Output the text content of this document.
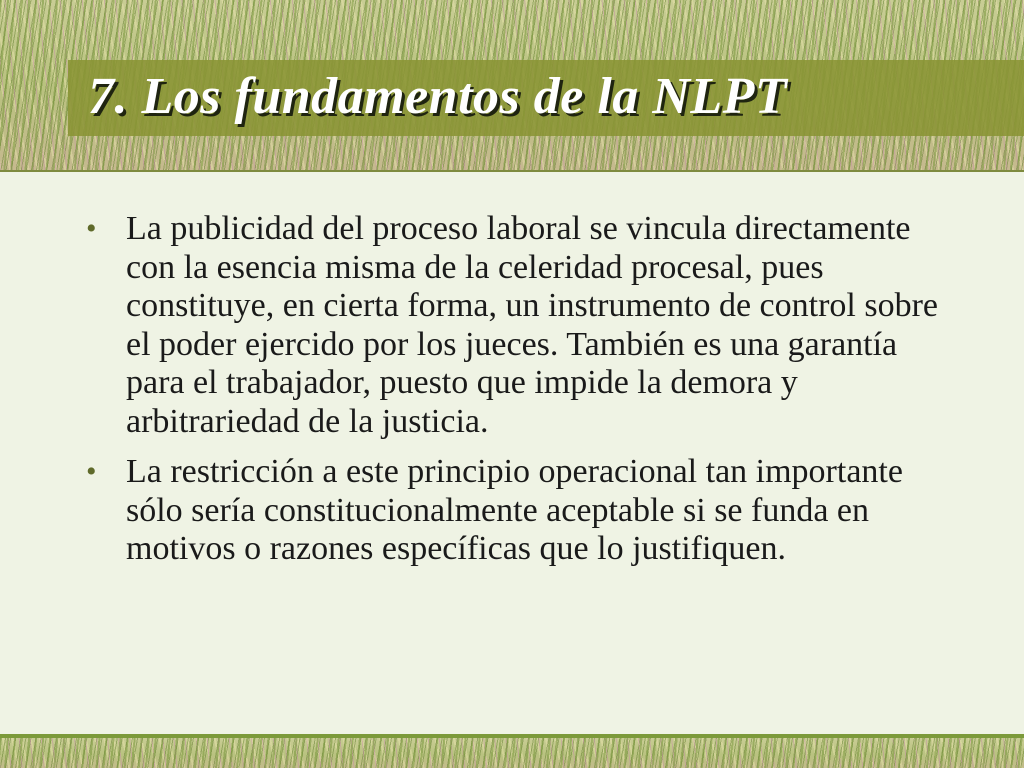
7. Los fundamentos de la NLPT
• La publicidad del proceso laboral se vincula directamente con la esencia misma de la celeridad procesal, pues constituye, en cierta forma, un instrumento de control sobre el poder ejercido por los jueces. También es una garantía para el trabajador, puesto que impide la demora y arbitrariedad de la justicia.
• La restricción a este principio operacional tan importante sólo sería constitucionalmente aceptable si se funda en motivos o razones específicas que lo justifiquen.
